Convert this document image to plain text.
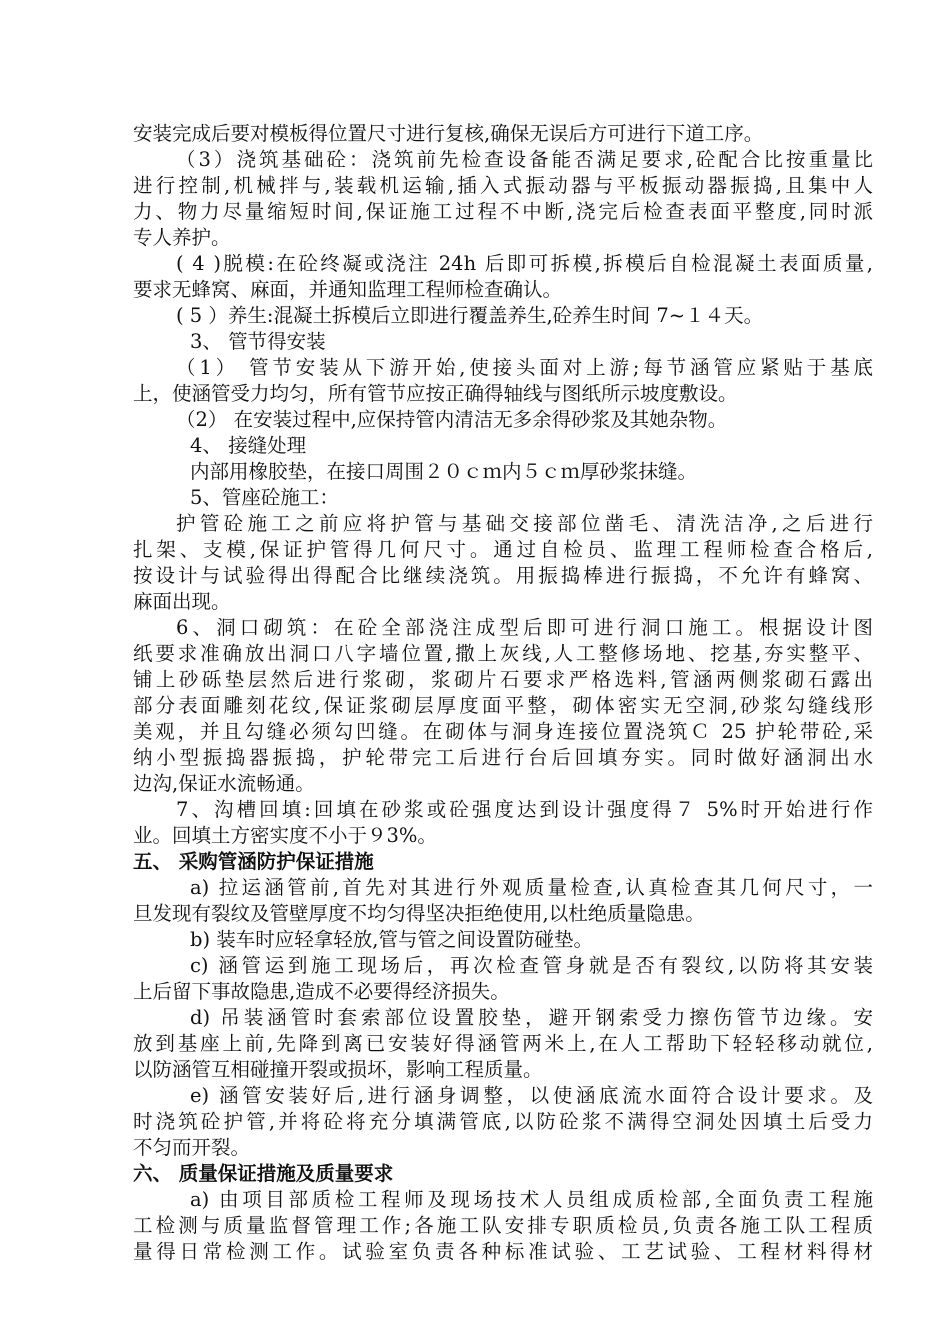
安装完成后要对模板得位置尺寸进行复核,确保无误后方可进行下道工序。
（3）浇筑基础砼：浇筑前先检查设备能否满足要求,砼配合比按重量比
进行控制,机械拌与,装载机运输,插入式振动器与平板振动器振捣,且集中人
力、物力尽量缩短时间,保证施工过程不中断,浇完后检查表面平整度,同时派
专人养护。
( 4 )脱模:在砼终凝或浇注 24h 后即可拆模,拆模后自检混凝土表面质量,
要求无蜂窝、麻面，并通知监理工程师检查确认。
( 5 ）养生:混凝土拆模后立即进行覆盖养生,砼养生时间 7~１４天。
3、 管节得安装
（1） 管节安装从下游开始,使接头面对上游;每节涵管应紧贴于基底
上，使涵管受力均匀，所有管节应按正确得轴线与图纸所示坡度敷设。
（2） 在安装过程中,应保持管内清洁无多余得砂浆及其她杂物。
4、 接缝处理
内部用橡胶垫，在接口周围２０ｃｍ内５ｃｍ厚砂浆抹缝。
5、管座砼施工：
护管砼施工之前应将护管与基础交接部位凿毛、清洗洁净,之后进行
扎架、支模,保证护管得几何尺寸。通过自检员、监理工程师检查合格后,
按设计与试验得出得配合比继续浇筑。用振捣棒进行振捣，不允许有蜂窝、
麻面出现。
6、洞口砌筑：在砼全部浇注成型后即可进行洞口施工。根据设计图
纸要求准确放出洞口八字墙位置,撒上灰线,人工整修场地、挖基,夯实整平、
铺上砂砾垫层然后进行浆砌，浆砌片石要求严格选料,管涵两侧浆砌石露出
部分表面雕刻花纹,保证浆砌层厚度面平整，砌体密实无空洞,砂浆勾缝线形
美观，并且勾缝必须勾凹缝。在砌体与洞身连接位置浇筑Ｃ 25 护轮带砼,采
纳小型振捣器振捣，护轮带完工后进行台后回填夯实。同时做好涵洞出水
边沟,保证水流畅通。
7、沟槽回填:回填在砂浆或砼强度达到设计强度得７ 5%时开始进行作
业。回填土方密实度不小于９3%。
五、 采购管涵防护保证措施
a) 拉运涵管前,首先对其进行外观质量检查,认真检查其几何尺寸，一
旦发现有裂纹及管壁厚度不均匀得坚决拒绝使用,以杜绝质量隐患。
b) 装车时应轻拿轻放,管与管之间设置防碰垫。
c) 涵管运到施工现场后，再次检查管身就是否有裂纹,以防将其安装
上后留下事故隐患,造成不必要得经济损失。
d) 吊装涵管时套索部位设置胶垫，避开钢索受力擦伤管节边缘。安
放到基座上前,先降到离已安装好得涵管两米上,在人工帮助下轻轻移动就位,
以防涵管互相碰撞开裂或损坏，影响工程质量。
e) 涵管安装好后,进行涵身调整，以使涵底流水面符合设计要求。及
时浇筑砼护管,并将砼将充分填满管底,以防砼浆不满得空洞处因填土后受力
不匀而开裂。
六、 质量保证措施及质量要求
a) 由项目部质检工程师及现场技术人员组成质检部,全面负责工程施
工检测与质量监督管理工作;各施工队安排专职质检员,负责各施工队工程质
量得日常检测工作。试验室负责各种标准试验、工艺试验、工程材料得材
